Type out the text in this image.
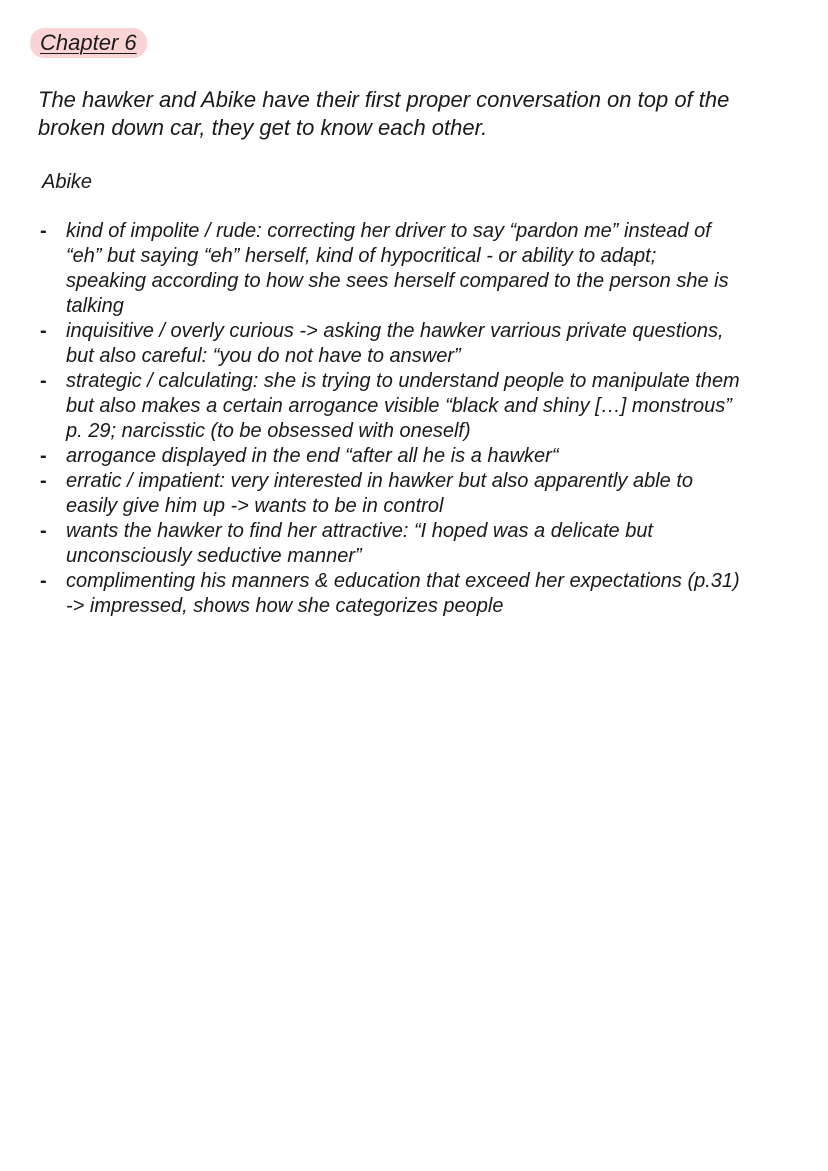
Chapter 6

The hawker and Abike have their first proper conversation on top of the broken down car, they get to know each other.

Abike

- kind of impolite / rude: correcting her driver to say “pardon me” instead of “eh” but saying “eh” herself, kind of hypocritical - or ability to adapt; speaking according to how she sees herself compared to the person she is talking
- inquisitive / overly curious -> asking the hawker varrious private questions, but also careful: “you do not have to answer”
- strategic / calculating: she is trying to understand people to manipulate them but also makes a certain arrogance visible “black and shiny […] monstrous” p. 29; narcisstic (to be obsessed with oneself)
- arrogance displayed in the end “after all he is a hawker“
- erratic / impatient: very interested in hawker but also apparently able to easily give him up -> wants to be in control
- wants the hawker to find her attractive: “I hoped was a delicate but unconsciously seductive manner”
- complimenting his manners & education that exceed her expectations (p.31) -> impressed, shows how she categorizes people
